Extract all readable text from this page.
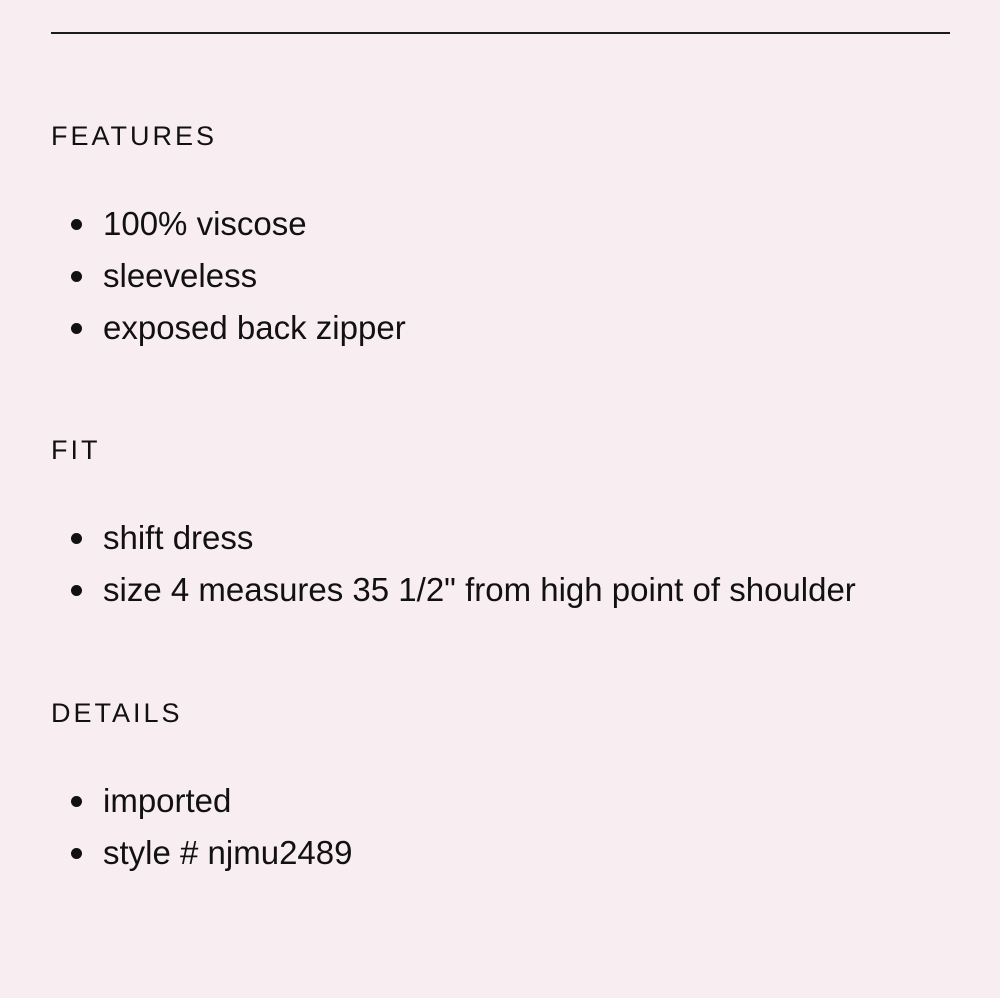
FEATURES
100% viscose
sleeveless
exposed back zipper
FIT
shift dress
size 4 measures 35 1/2" from high point of shoulder
DETAILS
imported
style # njmu2489
